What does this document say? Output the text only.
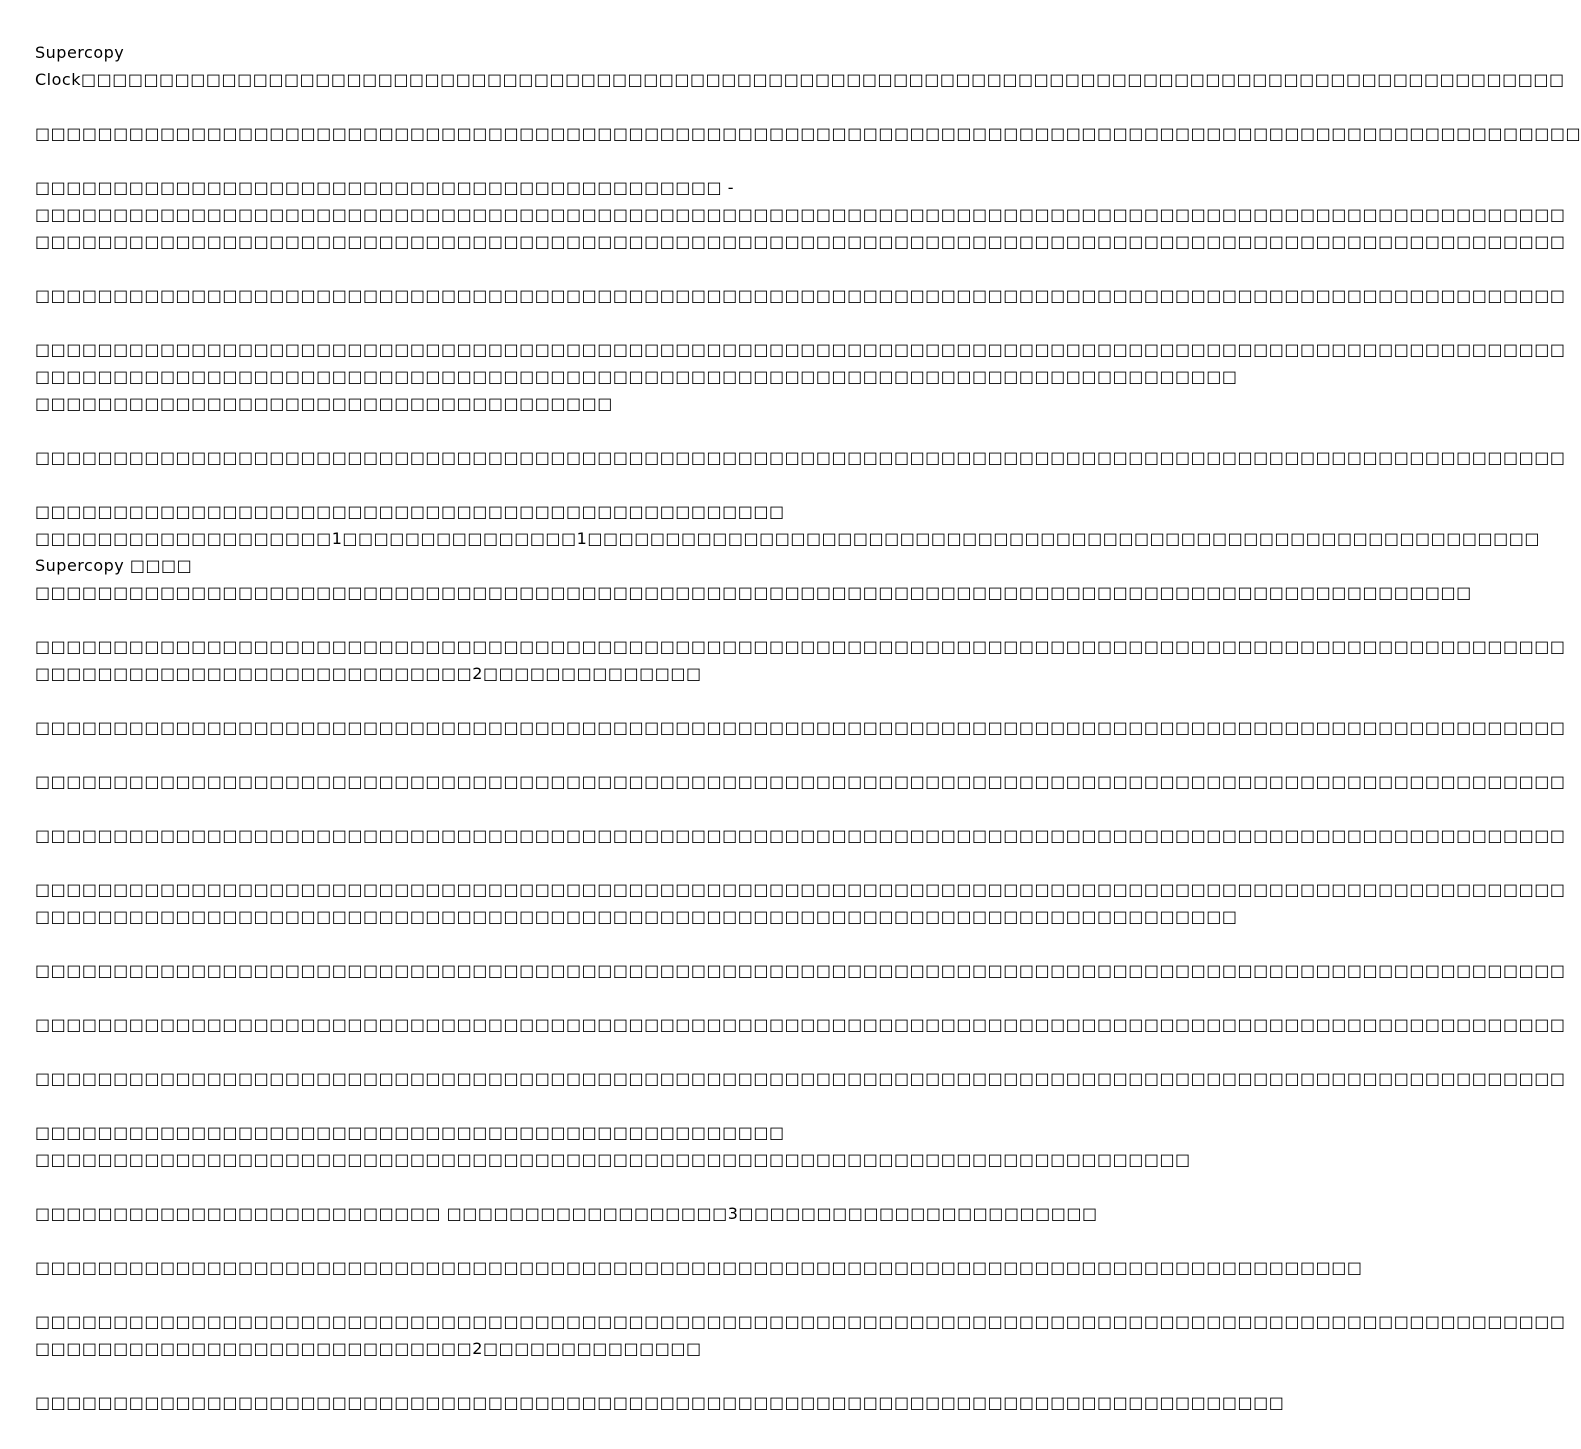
Supercopy
Clock□□□□□□□□□□□□□□□□□□□□□□□□□□□□□□□□□□□□□□□□□□□□□□□□□□□□□□□□□□□□□□□□□□□□□□□□□□□□□□□□□□□□□□□□□□□□□□□
□□□□□□□□□□□□□□□□□□□□□□□□□□□□□□□□□□□□□□□□□□□□□□□□□□□□□□□□□□□□□□□□□□□□□□□□□□□□□□□□□□□□□□□□□□□□□□□□□□□
□□□□□□□□□□□□□□□□□□□□□□□□□□□□□□□□□□□□□□□□□□□□ -
□□□□□□□□□□□□□□□□□□□□□□□□□□□□□□□□□□□□□□□□□□□□□□□□□□□□□□□□□□□□□□□□□□□□□□□□□□□□□□□□□□□□□□□□□□□□□□□□□□
□□□□□□□□□□□□□□□□□□□□□□□□□□□□□□□□□□□□□□□□□□□□□□□□□□□□□□□□□□□□□□□□□□□□□□□□□□□□□□□□□□□□□□□□□□□□□□□□□□
□□□□□□□□□□□□□□□□□□□□□□□□□□□□□□□□□□□□□□□□□□□□□□□□□□□□□□□□□□□□□□□□□□□□□□□□□□□□□□□□□□□□□□□□□□□□□□□□□□
□□□□□□□□□□□□□□□□□□□□□□□□□□□□□□□□□□□□□□□□□□□□□□□□□□□□□□□□□□□□□□□□□□□□□□□□□□□□□□□□□□□□□□□□□□□□□□□□□□
□□□□□□□□□□□□□□□□□□□□□□□□□□□□□□□□□□□□□□□□□□□□□□□□□□□□□□□□□□□□□□□□□□□□□□□□□□□□□
□□□□□□□□□□□□□□□□□□□□□□□□□□□□□□□□□□□□□
□□□□□□□□□□□□□□□□□□□□□□□□□□□□□□□□□□□□□□□□□□□□□□□□□□□□□□□□□□□□□□□□□□□□□□□□□□□□□□□□□□□□□□□□□□□□□□□□□□
□□□□□□□□□□□□□□□□□□□□□□□□□□□□□□□□□□□□□□□□□□□□□□□□
□□□□□□□□□□□□□□□□□□□1□□□□□□□□□□□□□□□1□□□□□□□□□□□□□□□□□□□□□□□□□□□□□□□□□□□□□□□□□□□□□□□□□□□□□□□□□□□□□
Supercopy □□□□
□□□□□□□□□□□□□□□□□□□□□□□□□□□□□□□□□□□□□□□□□□□□□□□□□□□□□□□□□□□□□□□□□□□□□□□□□□□□□□□□□□□□□□□□□□□□
□□□□□□□□□□□□□□□□□□□□□□□□□□□□□□□□□□□□□□□□□□□□□□□□□□□□□□□□□□□□□□□□□□□□□□□□□□□□□□□□□□□□□□□□□□□□□□□□□□
□□□□□□□□□□□□□□□□□□□□□□□□□□□□2□□□□□□□□□□□□□□
□□□□□□□□□□□□□□□□□□□□□□□□□□□□□□□□□□□□□□□□□□□□□□□□□□□□□□□□□□□□□□□□□□□□□□□□□□□□□□□□□□□□□□□□□□□□□□□□□□
□□□□□□□□□□□□□□□□□□□□□□□□□□□□□□□□□□□□□□□□□□□□□□□□□□□□□□□□□□□□□□□□□□□□□□□□□□□□□□□□□□□□□□□□□□□□□□□□□□
□□□□□□□□□□□□□□□□□□□□□□□□□□□□□□□□□□□□□□□□□□□□□□□□□□□□□□□□□□□□□□□□□□□□□□□□□□□□□□□□□□□□□□□□□□□□□□□□□□
□□□□□□□□□□□□□□□□□□□□□□□□□□□□□□□□□□□□□□□□□□□□□□□□□□□□□□□□□□□□□□□□□□□□□□□□□□□□□□□□□□□□□□□□□□□□□□□□□□
□□□□□□□□□□□□□□□□□□□□□□□□□□□□□□□□□□□□□□□□□□□□□□□□□□□□□□□□□□□□□□□□□□□□□□□□□□□□□
□□□□□□□□□□□□□□□□□□□□□□□□□□□□□□□□□□□□□□□□□□□□□□□□□□□□□□□□□□□□□□□□□□□□□□□□□□□□□□□□□□□□□□□□□□□□□□□□□□
□□□□□□□□□□□□□□□□□□□□□□□□□□□□□□□□□□□□□□□□□□□□□□□□□□□□□□□□□□□□□□□□□□□□□□□□□□□□□□□□□□□□□□□□□□□□□□□□□□
□□□□□□□□□□□□□□□□□□□□□□□□□□□□□□□□□□□□□□□□□□□□□□□□□□□□□□□□□□□□□□□□□□□□□□□□□□□□□□□□□□□□□□□□□□□□□□□□□□
□□□□□□□□□□□□□□□□□□□□□□□□□□□□□□□□□□□□□□□□□□□□□□□□
□□□□□□□□□□□□□□□□□□□□□□□□□□□□□□□□□□□□□□□□□□□□□□□□□□□□□□□□□□□□□□□□□□□□□□□□□□
□□□□□□□□□□□□□□□□□□□□□□□□□□ □□□□□□□□□□□□□□□□□□3□□□□□□□□□□□□□□□□□□□□□□□
□□□□□□□□□□□□□□□□□□□□□□□□□□□□□□□□□□□□□□□□□□□□□□□□□□□□□□□□□□□□□□□□□□□□□□□□□□□□□□□□□□□□□
□□□□□□□□□□□□□□□□□□□□□□□□□□□□□□□□□□□□□□□□□□□□□□□□□□□□□□□□□□□□□□□□□□□□□□□□□□□□□□□□□□□□□□□□□□□□□□□□□□
□□□□□□□□□□□□□□□□□□□□□□□□□□□□2□□□□□□□□□□□□□□
□□□□□□□□□□□□□□□□□□□□□□□□□□□□□□□□□□□□□□□□□□□□□□□□□□□□□□□□□□□□□□□□□□□□□□□□□□□□□□□□
